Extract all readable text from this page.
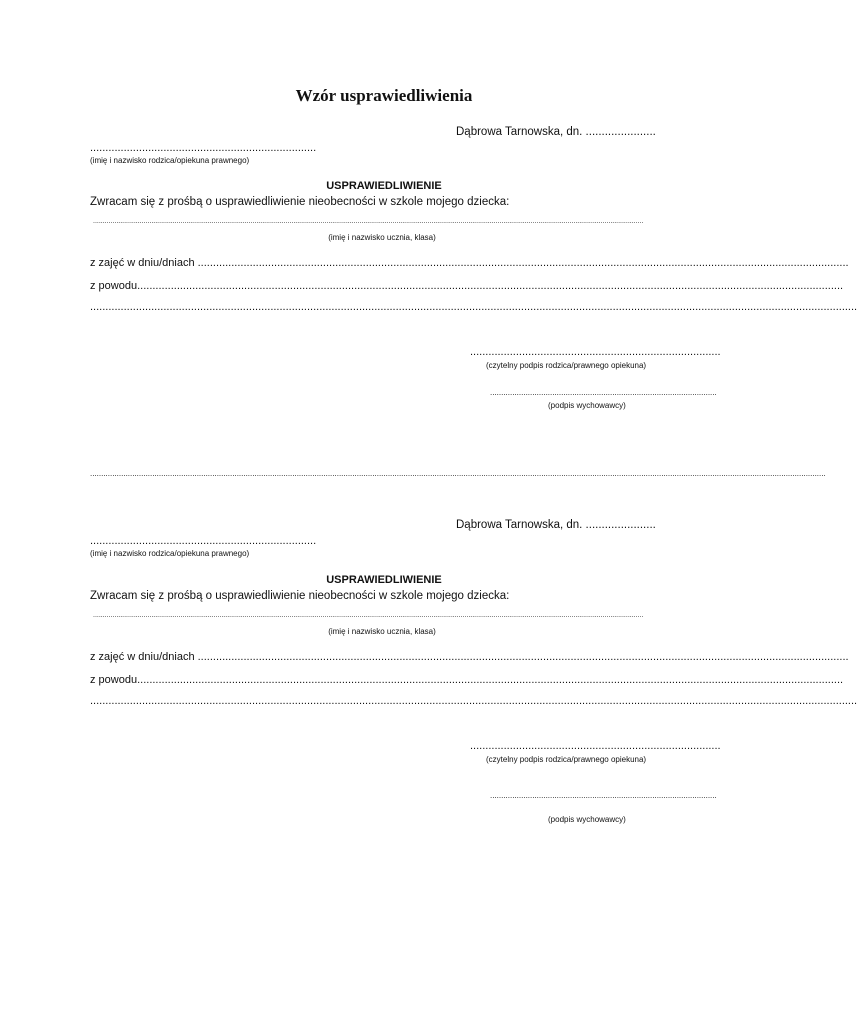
Wzór usprawiedliwienia
Dąbrowa Tarnowska, dn. ......................
..........................................................................
(imię i nazwisko rodzica/opiekuna prawnego)
USPRAWIEDLIWIENIE
Zwracam się z prośbą o usprawiedliwienie nieobecności w szkole mojego dziecka:
...........................................................................................................................................................................................................................................................................................
(imię i nazwisko ucznia, klasa)
z zajęć w dniu/dniach .....................................................................................................................................................................................................................
z powodu.......................................................................................................................................................................................................................................
...........................................................................................................................................................................................................................................................
..................................................................................
(czytelny podpis rodzica/prawnego opiekuna)
......................................................................................................
(podpis wychowawcy)
...........................................................................................................................................................................................................................................................................................................................................
Dąbrowa Tarnowska, dn. ......................
..........................................................................
(imię i nazwisko rodzica/opiekuna prawnego)
USPRAWIEDLIWIENIE
Zwracam się z prośbą o usprawiedliwienie nieobecności w szkole mojego dziecka:
...........................................................................................................................................................................................................................................................................................
(imię i nazwisko ucznia, klasa)
z zajęć w dniu/dniach .....................................................................................................................................................................................................................
z powodu.......................................................................................................................................................................................................................................
...........................................................................................................................................................................................................................................................
..................................................................................
(czytelny podpis rodzica/prawnego opiekuna)
......................................................................................................
(podpis wychowawcy)
